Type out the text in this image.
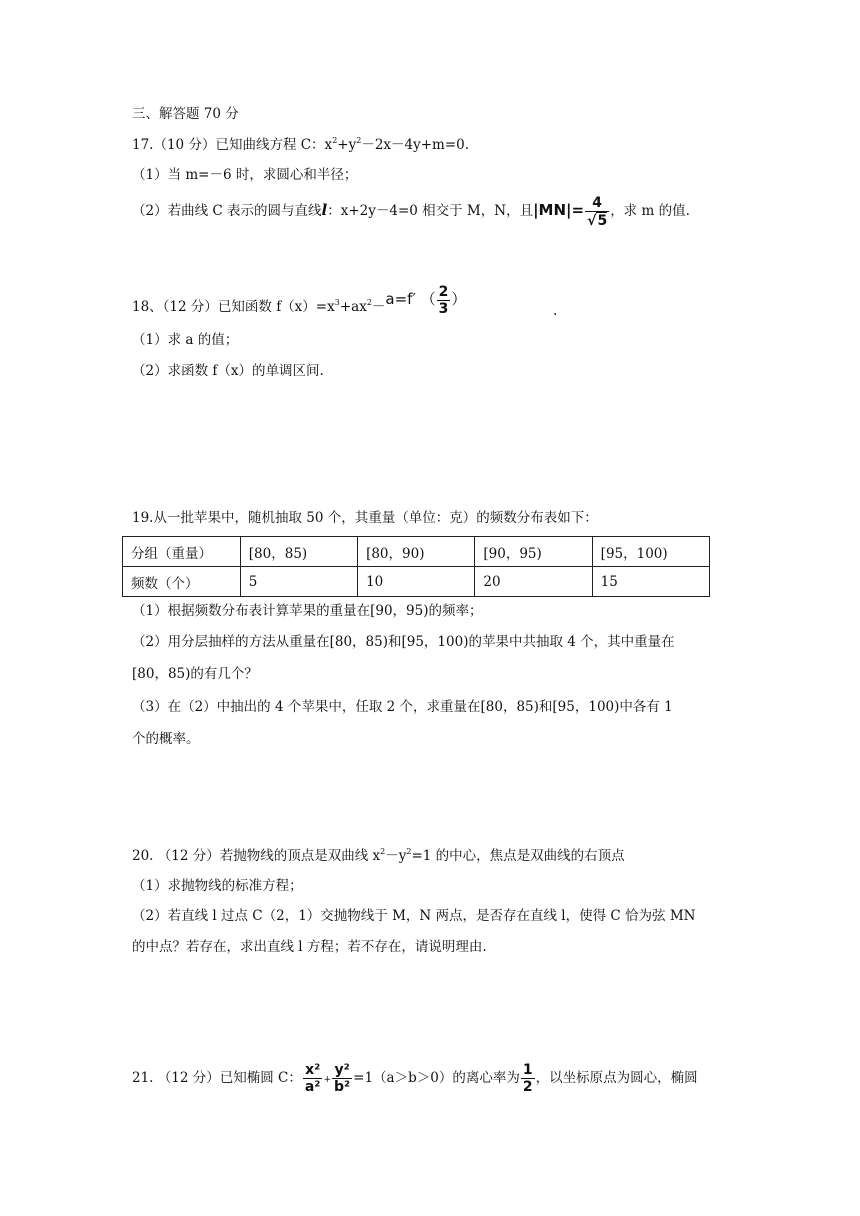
三、解答题 70 分
17.（10 分）已知曲线方程 C：$x^2+y^2-2x-4y+m=0$.
（1）当 m=－6 时，求圆心和半径；
（2）若曲线 C 表示的圆与直线l：x+2y－4=0 相交于 M，N，且$|MN|= \frac{4}{√5}$ ，求 m 的值.
18、（12 分）已知函数 $f(x)=x^3+ax^2-a=f'$ （ $\frac{2}{3}$ ）
.
（1）求 a 的值；
（2）求函数 f（x）的单调区间.
19.从一批苹果中，随机抽取 50 个，其重量（单位：克）的频数分布表如下：
分组（重量）	[80，85)	[80，90)	[90，95)	[95，100)
频数（个）	5	10	20	15
（1）根据频数分布表计算苹果的重量在[90，95)的频率；
（2）用分层抽样的方法从重量在[80，85)和[95，100)的苹果中共抽取 4 个，其中重量在
[80，85)的有几个？
（3）在（2）中抽出的 4 个苹果中，任取 2 个，求重量在[80，85)和[95，100)中各有 1
个的概率。
20. （12 分）若抛物线的顶点是双曲线 $x^2-y^2=1$ 的中心，焦点是双曲线的右顶点
（1）求抛物线的标准方程；
（2）若直线 l 过点 C（2，1）交抛物线于 M，N 两点，是否存在直线 l，使得 C 恰为弦 MN
的中点？若存在，求出直线 l 方程；若不存在，请说明理由.
21. （12 分）已知椭圆 C： $\frac{\text{x²}}{\text{a²}} + \frac{\text{y²}}{\text{b²}} =1(a>b>0)$的离心率为 $\frac{1}{2}$ ，以坐标原点为圆心，椭圆
